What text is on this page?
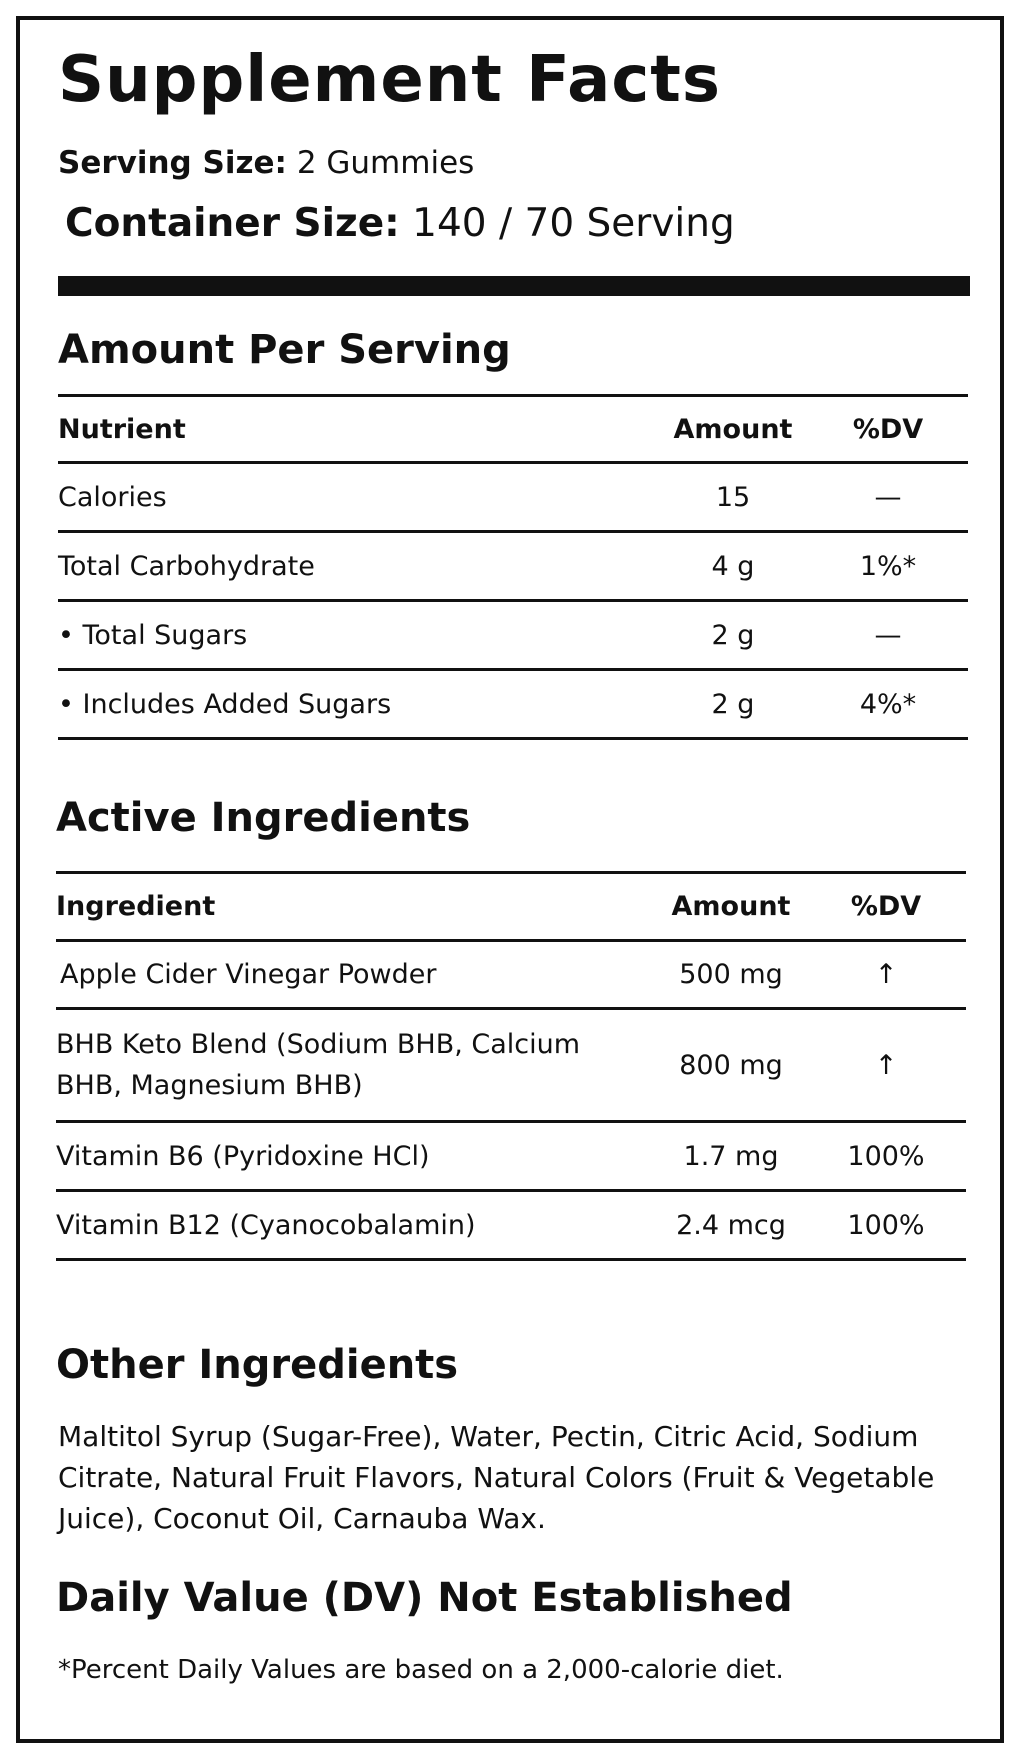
Supplement Facts
Serving Size: 2 Gummies
Container Size: 140 / 70 Serving
Amount Per Serving
Nutrient	Amount	%DV
Calories	15	—
Total Carbohydrate	4 g	1%*
• Total Sugars	2 g	—
• Includes Added Sugars	2 g	4%*
Active Ingredients
Ingredient	Amount	%DV
Apple Cider Vinegar Powder	500 mg	↑
BHB Keto Blend (Sodium BHB, Calcium BHB, Magnesium BHB)	800 mg	↑
Vitamin B6 (Pyridoxine HCl)	1.7 mg	100%
Vitamin B12 (Cyanocobalamin)	2.4 mcg	100%
Other Ingredients

Maltitol Syrup (Sugar-Free), Water, Pectin, Citric Acid, Sodium Citrate, Natural Fruit Flavors, Natural Colors (Fruit & Vegetable Juice), Coconut Oil, Carnauba Wax.

Daily Value (DV) Not Established

*Percent Daily Values are based on a 2,000-calorie diet.
